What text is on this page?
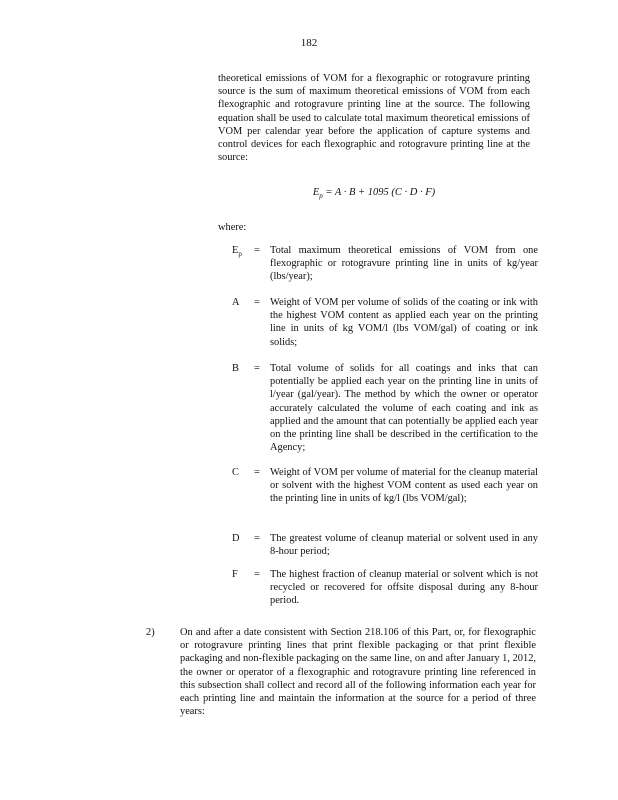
182

theoretical emissions of VOM for a flexographic or rotogravure printing source is the sum of maximum theoretical emissions of VOM from each flexographic and rotogravure printing line at the source. The following equation shall be used to calculate total maximum theoretical emissions of VOM per calendar year before the application of capture systems and control devices for each flexographic and rotogravure printing line at the source:

$E_p = A \cdot B + 1095$ (C · D · F)
where:
$E_p$	= Total maximum theoretical emissions of VOM from one flexographic or rotogravure printing line in units of kg/year (lbs/year);
A	= Weight of VOM per volume of solids of the coating or ink with the highest VOM content as applied each year on the printing line in units of kg VOM/l (lbs VOM/gal) of coating or ink solids;
B	= Total volume of solids for all coatings and inks that can potentially be applied each year on the printing line in units of l/year (gal/year). The method by which the owner or operator accurately calculated the volume of each coating and ink as applied and the amount that can potentially be applied each year on the printing line shall be described in the certification to the Agency;
C	= Weight of VOM per volume of material for the cleanup material or solvent with the highest VOM content as used each year on the printing line in units of kg/l (lbs VOM/gal);
D	= The greatest volume of cleanup material or solvent used in any 8-hour period;
F	= The highest fraction of cleanup material or solvent which is not recycled or recovered for offsite disposal during any 8-hour period.
2) On and after a date consistent with Section 218.106 of this Part, or, for flexographic or rotogravure printing lines that print flexible packaging or that print flexible packaging and non-flexible packaging on the same line, on and after January 1, 2012, the owner or operator of a flexographic and rotogravure printing line referenced in this subsection shall collect and record all of the following information each year for each printing line and maintain the information at the source for a period of three years:
